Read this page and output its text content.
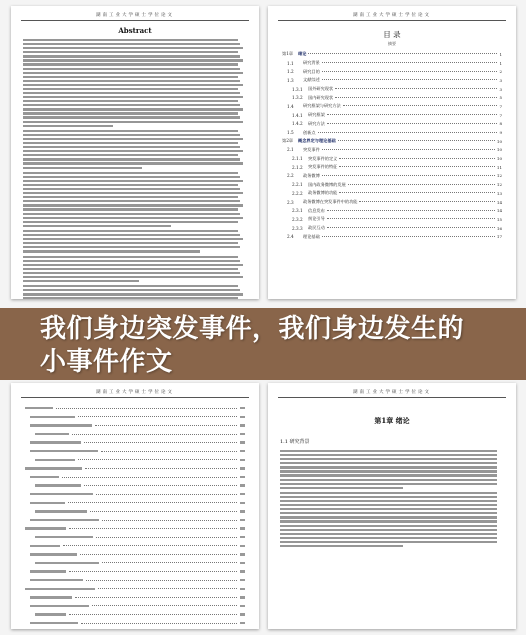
湖南工业大学硕士学位论文
Abstract
湖南工业大学硕士学位论文
目 录
摘要
第1章	绪论	1
1.1	研究背景	1
1.2	研究目的	2
1.3	文献综述	3
1.3.1	国外研究现状	3
1.3.2	国内研究现状	5
1.4	研究框架与研究方法	7
1.4.1	研究框架	7
1.4.2	研究方法	8
1.5	创新点	9
第2章	概念界定与理论基础	10
2.1	突发事件	10
2.1.1	突发事件的定义	10
2.1.2	突发事件的特征	11
2.2	政务微博	12
2.2.1	国内政务微博的发展	12
2.2.2	政务微博的功能	13
2.3	政务微博在突发事件中的功能	14
2.3.1	信息发布	14
2.3.2	舆论引导	15
2.3.3	政民互动	16
2.4	理论基础	17
湖南工业大学硕士学位论文	湖南工业大学硕士学位论文
第1章 绪论
1.1 研究背景
我们身边突发事件，我们身边发生的小事件作文
